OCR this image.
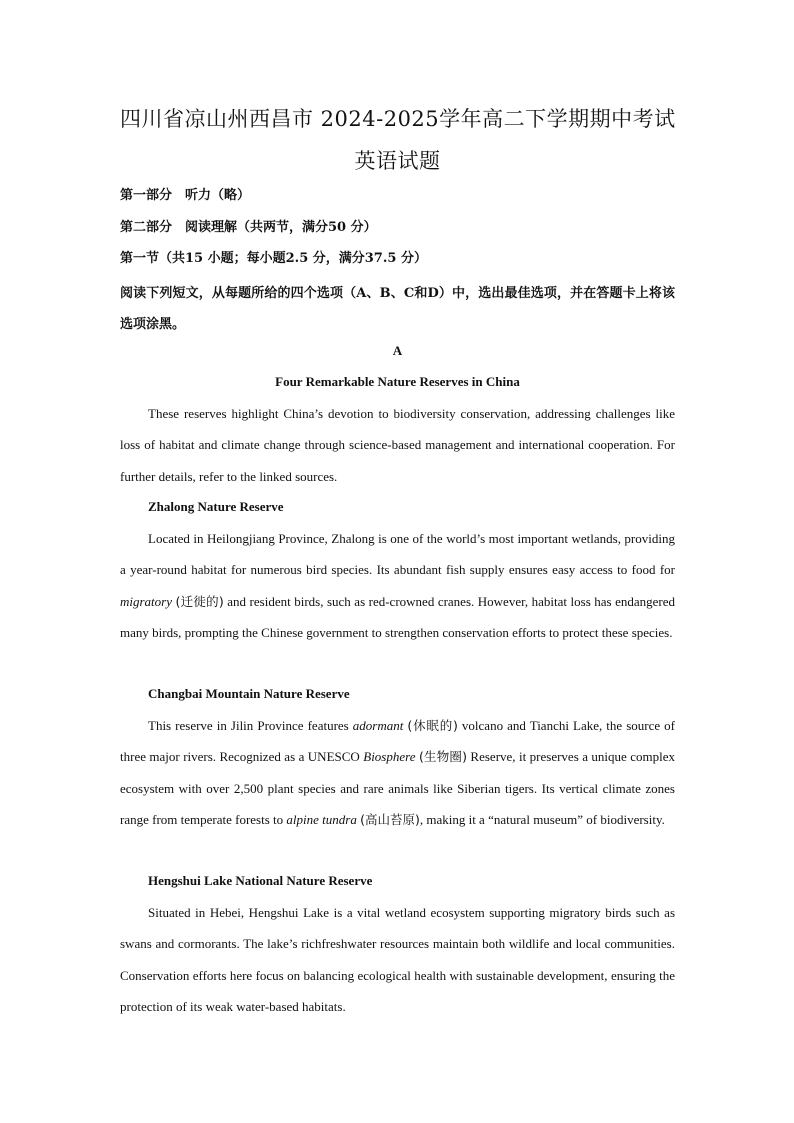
四川省凉山州西昌市 2024-2025学年高二下学期期中考试
英语试题
第一部分　听力（略）
第二部分　阅读理解（共两节，满分50 分）
第一节（共15 小题；每小题2.5 分，满分37.5 分）
阅读下列短文，从每题所给的四个选项（A、B、C和D）中，选出最佳选项，并在答题卡上将该选项涂黑。
A
Four Remarkable Nature Reserves in China

These reserves highlight China’s devotion to biodiversity conservation, addressing challenges like loss of habitat and climate change through science-based management and international cooperation. For further details, refer to the linked sources.

Zhalong Nature Reserve

Located in Heilongjiang Province, Zhalong is one of the world’s most important wetlands, providing a year-round habitat for numerous bird species. Its abundant fish supply ensures easy access to food for migratory (迁徙的) and resident birds, such as red-crowned cranes. However, habitat loss has endangered many birds, prompting the Chinese government to strengthen conservation efforts to protect these species.

Changbai Mountain Nature Reserve

This reserve in Jilin Province features adormant (休眠的) volcano and Tianchi Lake, the source of three major rivers. Recognized as a UNESCO Biosphere (生物圈) Reserve, it preserves a unique complex ecosystem with over 2,500 plant species and rare animals like Siberian tigers. Its vertical climate zones range from temperate forests to alpine tundra (高山苔原), making it a “natural museum” of biodiversity.

Hengshui Lake National Nature Reserve

Situated in Hebei, Hengshui Lake is a vital wetland ecosystem supporting migratory birds such as swans and cormorants. The lake’s richfreshwater resources maintain both wildlife and local communities. Conservation efforts here focus on balancing ecological health with sustainable development, ensuring the protection of its weak water-based habitats.
